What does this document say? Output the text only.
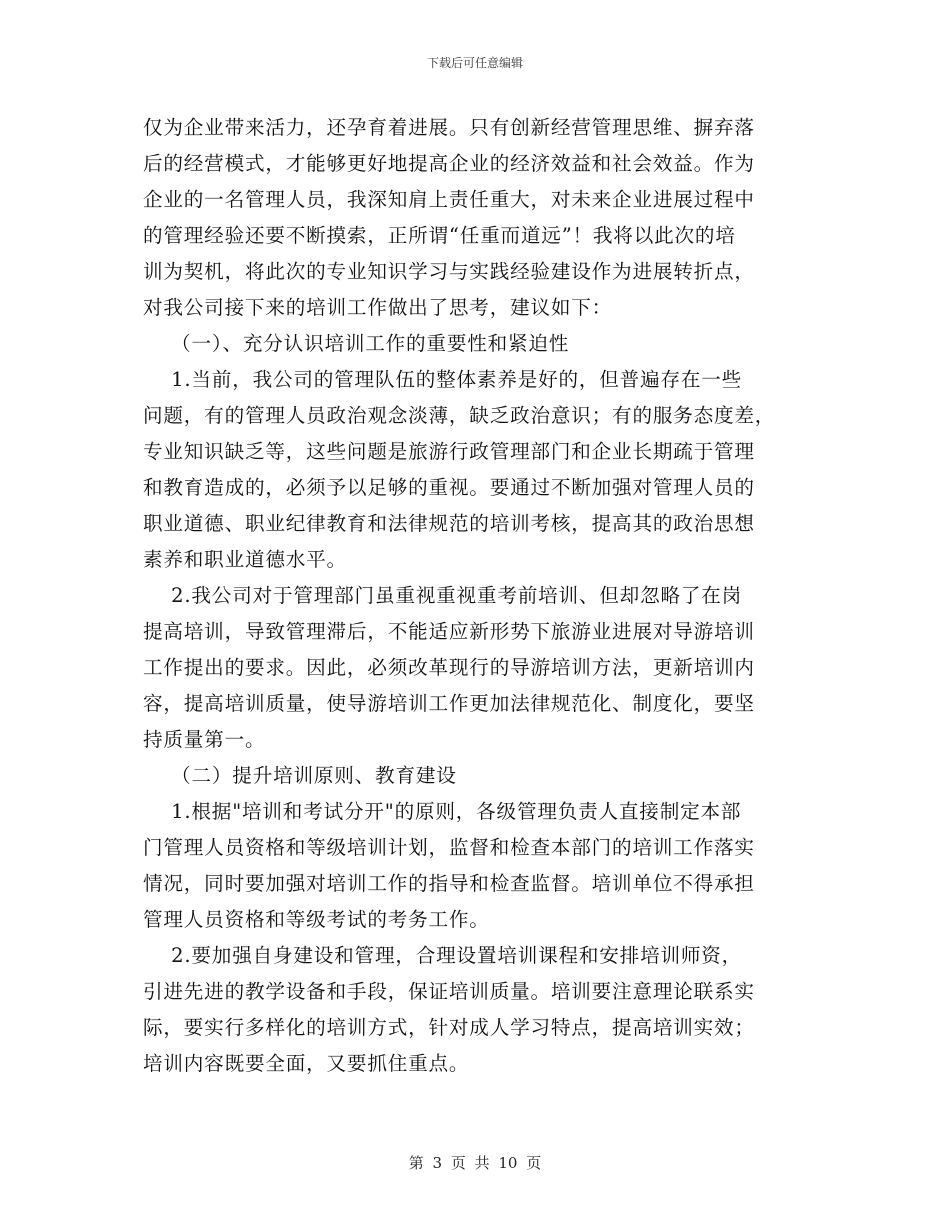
下载后可任意编辑

仅为企业带来活力，还孕育着进展。只有创新经营管理思维、摒弃落
后的经营模式，才能够更好地提高企业的经济效益和社会效益。作为
企业的一名管理人员，我深知肩上责任重大，对未来企业进展过程中
的管理经验还要不断摸索，正所谓“任重而道远”！我将以此次的培
训为契机，将此次的专业知识学习与实践经验建设作为进展转折点，
对我公司接下来的培训工作做出了思考，建议如下：
（一）、充分认识培训工作的重要性和紧迫性
1.当前，我公司的管理队伍的整体素养是好的，但普遍存在一些
问题，有的管理人员政治观念淡薄，缺乏政治意识；有的服务态度差，
专业知识缺乏等，这些问题是旅游行政管理部门和企业长期疏于管理
和教育造成的，必须予以足够的重视。要通过不断加强对管理人员的
职业道德、职业纪律教育和法律规范的培训考核，提高其的政治思想
素养和职业道德水平。
2.我公司对于管理部门虽重视重视重考前培训、但却忽略了在岗
提高培训，导致管理滞后，不能适应新形势下旅游业进展对导游培训
工作提出的要求。因此，必须改革现行的导游培训方法，更新培训内
容，提高培训质量，使导游培训工作更加法律规范化、制度化，要坚
持质量第一。
（二）提升培训原则、教育建设
1.根据"培训和考试分开"的原则，各级管理负责人直接制定本部
门管理人员资格和等级培训计划，监督和检查本部门的培训工作落实
情况，同时要加强对培训工作的指导和检查监督。培训单位不得承担
管理人员资格和等级考试的考务工作。
2.要加强自身建设和管理，合理设置培训课程和安排培训师资，
引进先进的教学设备和手段，保证培训质量。培训要注意理论联系实
际，要实行多样化的培训方式，针对成人学习特点，提高培训实效；
培训内容既要全面，又要抓住重点。

第 3 页 共 10 页
